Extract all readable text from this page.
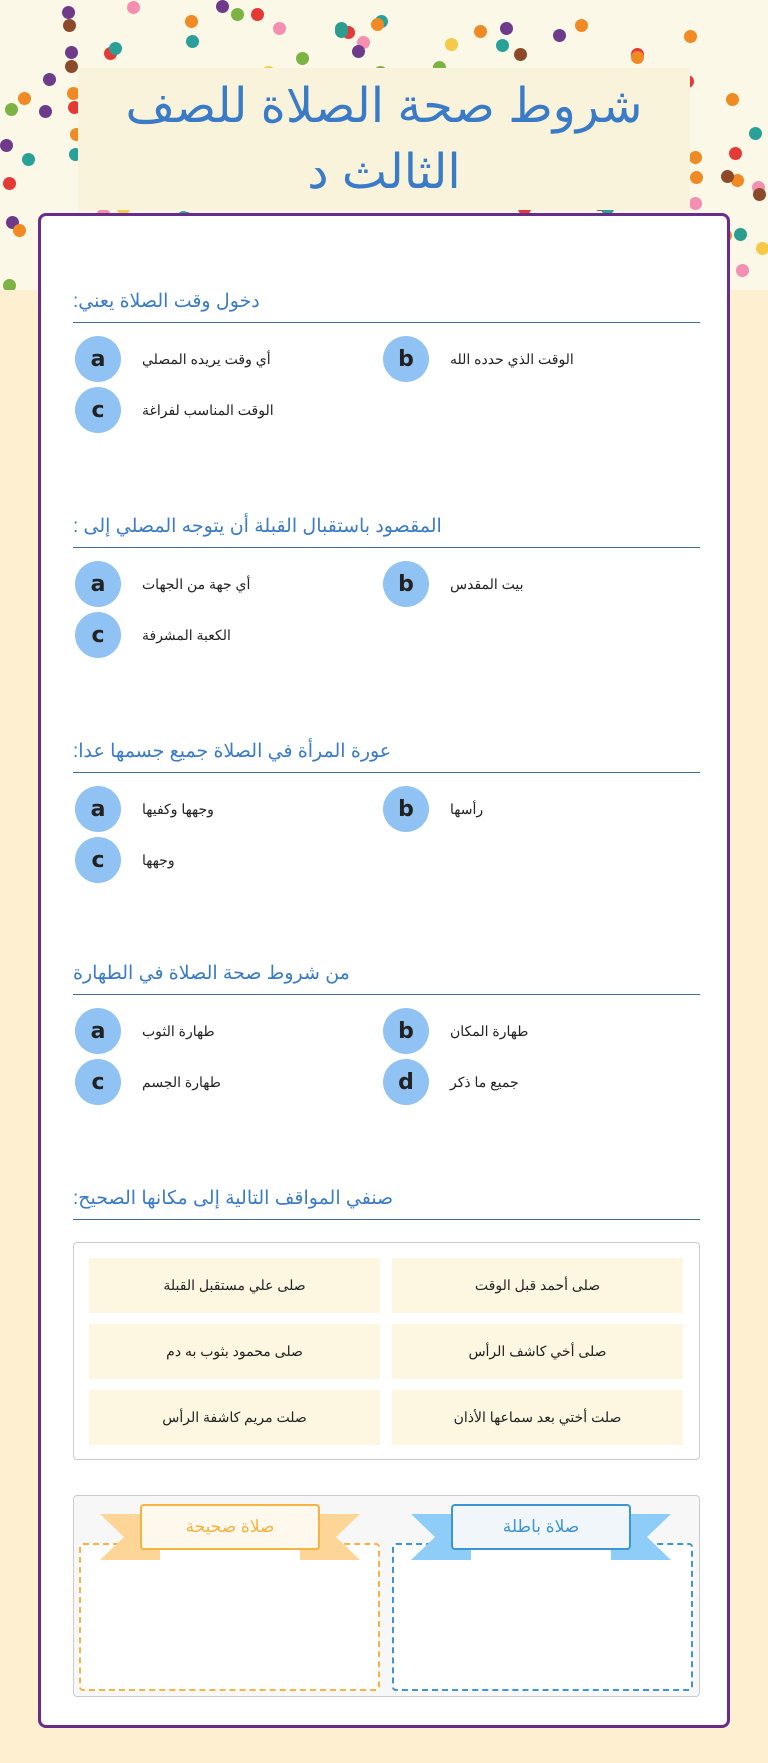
شروط صحة الصلاة للصف الثالث د
صلى علي مستقبل القبلة	صلى أحمد قبل الوقت
صلى محمود بثوب به دم	صلى أخي كاشف الرأس
صلت مريم كاشفة الرأس	صلت أختي بعد سماعها الأذان
صلاة صحيحة	صلاة باطلة
دخول وقت الصلاة يعني:
a	أي وقت يريده المصلي	b	الوقت الذي حدده الله
c	الوقت المناسب لفراغة
المقصود باستقبال القبلة أن يتوجه المصلي إلى :
a	أي جهة من الجهات	b	بيت المقدس
c	الكعبة المشرفة
عورة المرأة في الصلاة جميع جسمها عدا:
a	وجهها وكفيها	b	رأسها
c	وجهها
من شروط صحة الصلاة في الطهارة
a	طهارة الثوب	b	طهارة المكان
c	طهارة الجسم	d	جميع ما ذكر
صنفي المواقف التالية إلى مكانها الصحيح:
